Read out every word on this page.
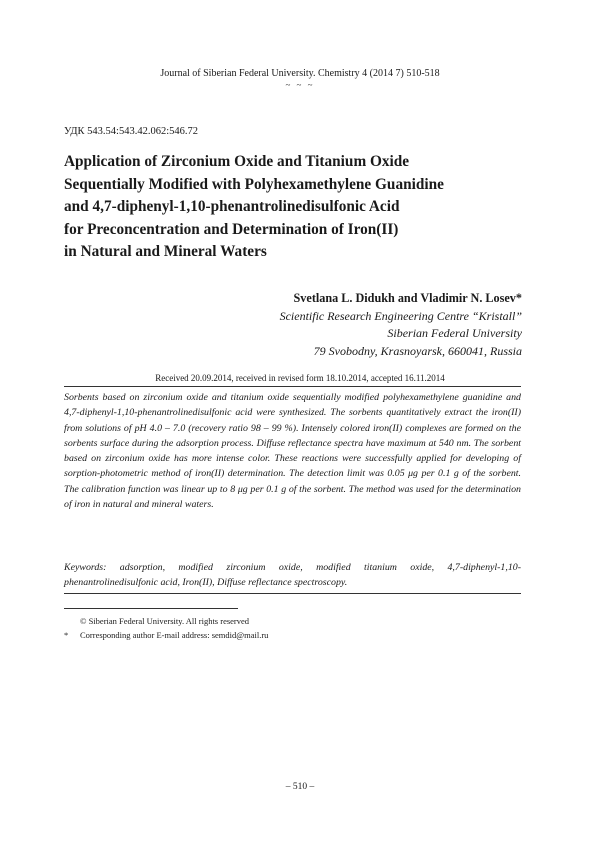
Journal of Siberian Federal University. Chemistry 4 (2014 7) 510-518
~ ~ ~
УДК 543.54:543.42.062:546.72
Application of Zirconium Oxide and Titanium Oxide
Sequentially Modified with Polyhexamethylene Guanidine
and 4,7-diphenyl-1,10-phenantrolinedisulfonic Acid
for Preconcentration and Determination of Iron(II)
in Natural and Mineral Waters
Svetlana L. Didukh and Vladimir N. Losev*
Scientific Research Engineering Centre “Kristall”
Siberian Federal University
79 Svobodny, Krasnoyarsk, 660041, Russia
Received 20.09.2014, received in revised form 18.10.2014, accepted 16.11.2014
Sorbents based on zirconium oxide and titanium oxide sequentially modified polyhexamethylene guanidine and 4,7-diphenyl-1,10-phenantrolinedisulfonic acid were synthesized. The sorbents quantitatively extract the iron(II) from solutions of pH 4.0 – 7.0 (recovery ratio 98 – 99 %). Intensely colored iron(II) complexes are formed on the sorbents surface during the adsorption process. Diffuse reflectance spectra have maximum at 540 nm. The sorbent based on zirconium oxide has more intense color. These reactions were successfully applied for developing of sorption-photometric method of iron(II) determination. The detection limit was 0.05 μg per 0.1 g of the sorbent. The calibration function was linear up to 8 μg per 0.1 g of the sorbent. The method was used for the determination of iron in natural and mineral waters.
Keywords: adsorption, modified zirconium oxide, modified titanium oxide, 4,7-diphenyl-1,10-phenantrolinedisulfonic acid, Iron(II), Diffuse reflectance spectroscopy.
© Siberian Federal University. All rights reserved
* Corresponding author E-mail address: semdid@mail.ru
– 510 –
